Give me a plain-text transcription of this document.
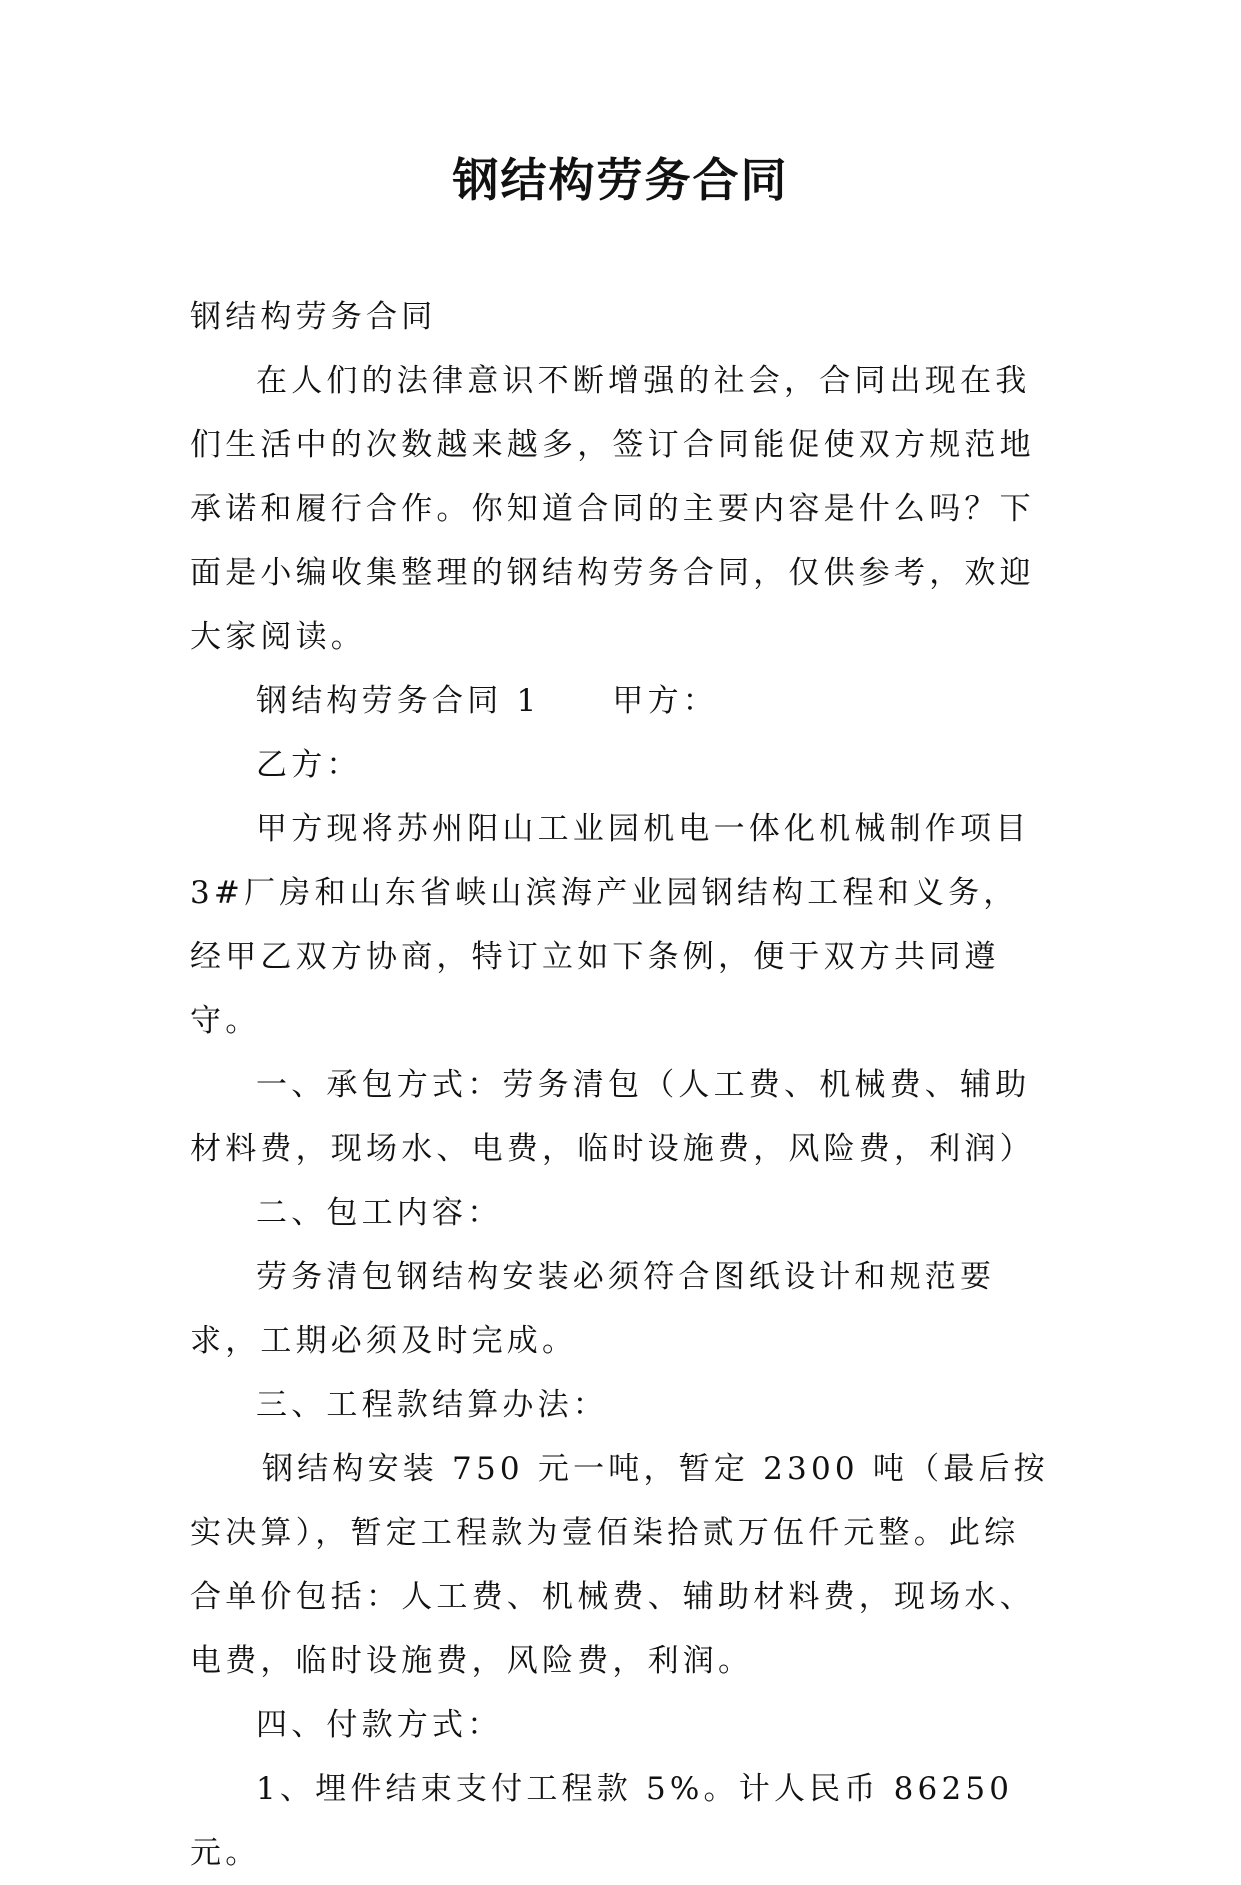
钢结构劳务合同

钢结构劳务合同

在人们的法律意识不断增强的社会，合同出现在我们生活中的次数越来越多，签订合同能促使双方规范地承诺和履行合作。你知道合同的主要内容是什么吗？下面是小编收集整理的钢结构劳务合同，仅供参考，欢迎大家阅读。

钢结构劳务合同 1 甲方：

乙方：

甲方现将苏州阳山工业园机电一体化机械制作项目 3#厂房和山东省峡山滨海产业园钢结构工程和义务，经甲乙双方协商，特订立如下条例，便于双方共同遵守。

一、承包方式：劳务清包（人工费、机械费、辅助材料费，现场水、电费，临时设施费，风险费，利润）

二、包工内容：

劳务清包钢结构安装必须符合图纸设计和规范要求，工期必须及时完成。

三、工程款结算办法：

钢结构安装 750 元一吨，暂定 2300 吨（最后按实决算），暂定工程款为壹佰柒拾贰万伍仟元整。此综合单价包括：人工费、机械费、辅助材料费，现场水、电费，临时设施费，风险费，利润。

四、付款方式：

1、埋件结束支付工程款 5%。计人民币 86250 元。
